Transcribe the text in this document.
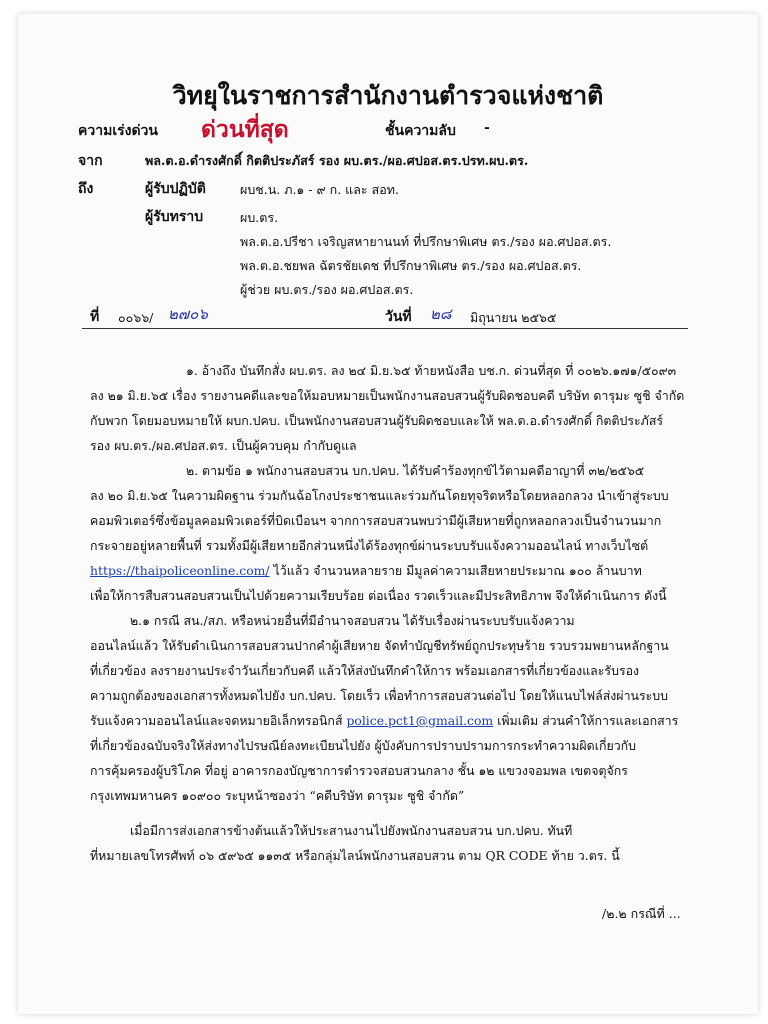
วิทยุในราชการสำนักงานตำรวจแห่งชาติ
ความเร่งด่วน ด่วนที่สุด	ชั้นความลับ -
จาก	พล.ต.อ.ดำรงศักดิ์ กิตติประภัสร์ รอง ผบ.ตร./ผอ.ศปอส.ตร.ปรท.ผบ.ตร.
ถึง	ผู้รับปฏิบัติ	ผบช.น. ภ.๑ - ๙ ก. และ สอท.
ผู้รับทราบ	ผบ.ตร.
พล.ต.อ.ปรีชา เจริญสหายานนท์ ที่ปรึกษาพิเศษ ตร./รอง ผอ.ศปอส.ตร.
พล.ต.อ.ชยพล ฉัตรชัยเดช ที่ปรึกษาพิเศษ ตร./รอง ผอ.ศปอส.ตร.
ผู้ช่วย ผบ.ตร./รอง ผอ.ศปอส.ตร.
ที่ ๐๐๖๖/ ๒๗๐๖	วันที่ ๒๘ มิถุนายน ๒๕๖๕
๑. อ้างถึง บันทึกสั่ง ผบ.ตร. ลง ๒๔ มิ.ย.๖๕ ท้ายหนังสือ บช.ก. ด่วนที่สุด ที่ ๐๐๒๖.๑๗๑/๕๐๙๓
ลง ๒๑ มิ.ย.๖๕ เรื่อง รายงานคดีและขอให้มอบหมายเป็นพนักงานสอบสวนผู้รับผิดชอบคดี บริษัท ดารุมะ ซูชิ จำกัด
กับพวก โดยมอบหมายให้ ผบก.ปคบ. เป็นพนักงานสอบสวนผู้รับผิดชอบและให้ พล.ต.อ.ดำรงศักดิ์ กิตติประภัสร์
รอง ผบ.ตร./ผอ.ศปอส.ตร. เป็นผู้ควบคุม กำกับดูแล
๒. ตามข้อ ๑ พนักงานสอบสวน บก.ปคบ. ได้รับคำร้องทุกข์ไว้ตามคดีอาญาที่ ๓๒/๒๕๖๕
ลง ๒๐ มิ.ย.๖๕ ในความผิดฐาน ร่วมกันฉ้อโกงประชาชนและร่วมกันโดยทุจริตหรือโดยหลอกลวง นำเข้าสู่ระบบ
คอมพิวเตอร์ซึ่งข้อมูลคอมพิวเตอร์ที่บิดเบือนฯ จากการสอบสวนพบว่ามีผู้เสียหายที่ถูกหลอกลวงเป็นจำนวนมาก
กระจายอยู่หลายพื้นที่ รวมทั้งมีผู้เสียหายอีกส่วนหนึ่งได้ร้องทุกข์ผ่านระบบรับแจ้งความออนไลน์ ทางเว็บไซต์
https://thaipoliceonline.com/ ไว้แล้ว จำนวนหลายราย มีมูลค่าความเสียหายประมาณ ๑๐๐ ล้านบาท
เพื่อให้การสืบสวนสอบสวนเป็นไปด้วยความเรียบร้อย ต่อเนื่อง รวดเร็วและมีประสิทธิภาพ จึงให้ดำเนินการ ดังนี้
๒.๑ กรณี สน./สภ. หรือหน่วยอื่นที่มีอำนาจสอบสวน ได้รับเรื่องผ่านระบบรับแจ้งความ
ออนไลน์แล้ว ให้รับดำเนินการสอบสวนปากคำผู้เสียหาย จัดทำบัญชีทรัพย์ถูกประทุษร้าย รวบรวมพยานหลักฐาน
ที่เกี่ยวข้อง ลงรายงานประจำวันเกี่ยวกับคดี แล้วให้ส่งบันทึกคำให้การ พร้อมเอกสารที่เกี่ยวข้องและรับรอง
ความถูกต้องของเอกสารทั้งหมดไปยัง บก.ปคบ. โดยเร็ว เพื่อทำการสอบสวนต่อไป โดยให้แนบไฟล์ส่งผ่านระบบ
รับแจ้งความออนไลน์และจดหมายอิเล็กทรอนิกส์ police.pct1@gmail.com เพิ่มเติม ส่วนคำให้การและเอกสาร
ที่เกี่ยวข้องฉบับจริงให้ส่งทางไปรษณีย์ลงทะเบียนไปยัง ผู้บังคับการปราบปรามการกระทำความผิดเกี่ยวกับ
การคุ้มครองผู้บริโภค ที่อยู่ อาคารกองบัญชาการตำรวจสอบสวนกลาง ชั้น ๑๒ แขวงจอมพล เขตจตุจักร
กรุงเทพมหานคร ๑๐๙๐๐ ระบุหน้าซองว่า “คดีบริษัท ดารุมะ ซูชิ จำกัด”
เมื่อมีการส่งเอกสารข้างต้นแล้วให้ประสานงานไปยังพนักงานสอบสวน บก.ปคบ. ทันที
ที่หมายเลขโทรศัพท์ ๐๖ ๕๙๖๕ ๑๑๓๕ หรือกลุ่มไลน์พนักงานสอบสวน ตาม QR CODE ท้าย ว.ตร. นี้
/๒.๒ กรณีที่ ...
